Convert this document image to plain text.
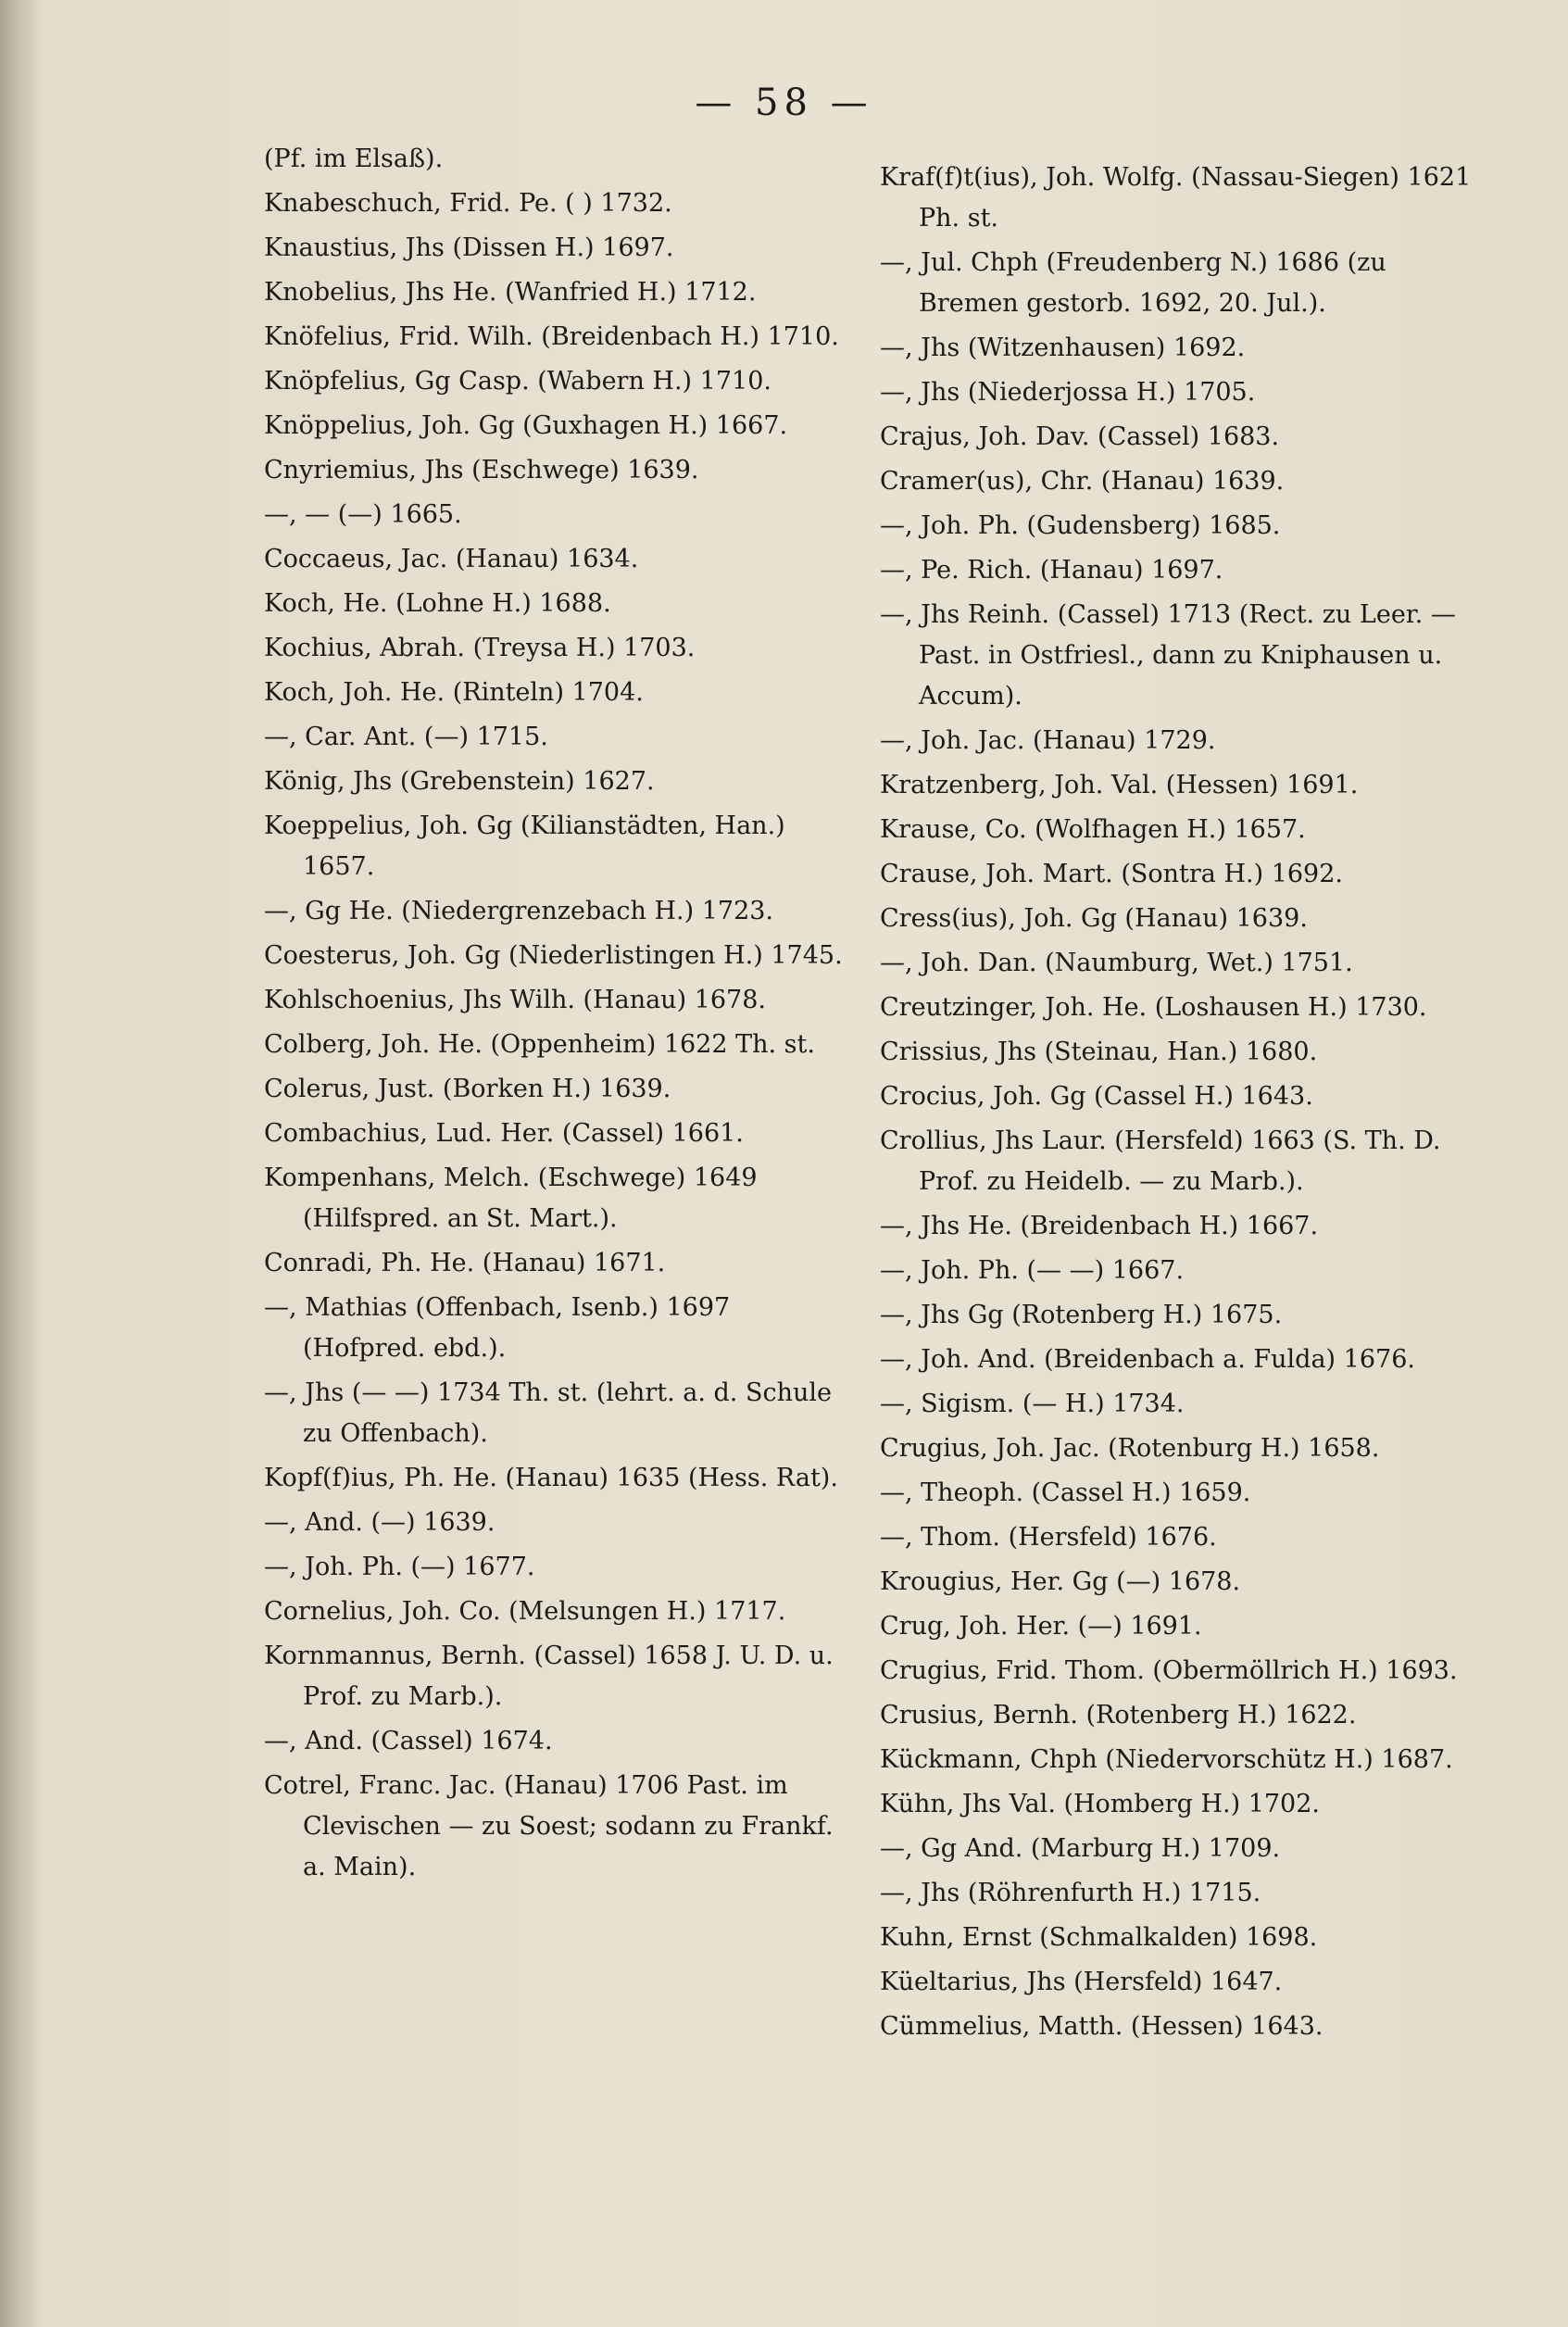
— 58 —
(Pf. im Elsaß).
Knabeschuch, Frid. Pe. ( ) 1732.
Knaustius, Jhs (Dissen H.) 1697.
Knobelius, Jhs He. (Wanfried H.) 1712.
Knöfelius, Frid. Wilh. (Breidenbach H.) 1710.
Knöpfelius, Gg Casp. (Wabern H.) 1710.
Knöppelius, Joh. Gg (Guxhagen H.) 1667.
Cnyriemius, Jhs (Eschwege) 1639.
—, — (—) 1665.
Coccaeus, Jac. (Hanau) 1634.
Koch, He. (Lohne H.) 1688.
Kochius, Abrah. (Treysa H.) 1703.
Koch, Joh. He. (Rinteln) 1704.
—, Car. Ant. (—) 1715.
König, Jhs (Grebenstein) 1627.
Koeppelius, Joh. Gg (Kilianstädten, Han.) 1657.
—, Gg He. (Niedergrenzebach H.) 1723.
Coesterus, Joh. Gg (Niederlistingen H.) 1745.
Kohlschoenius, Jhs Wilh. (Hanau) 1678.
Colberg, Joh. He. (Oppenheim) 1622 Th. st.
Colerus, Just. (Borken H.) 1639.
Combachius, Lud. Her. (Cassel) 1661.
Kompenhans, Melch. (Eschwege) 1649 (Hilfspred. an St. Mart.).
Conradi, Ph. He. (Hanau) 1671.
—, Mathias (Offenbach, Isenb.) 1697 (Hofpred. ebd.).
—, Jhs (— —) 1734 Th. st. (lehrt. a. d. Schule zu Offenbach).
Kopf(f)ius, Ph. He. (Hanau) 1635 (Hess. Rat).
—, And. (—) 1639.
—, Joh. Ph. (—) 1677.
Cornelius, Joh. Co. (Melsungen H.) 1717.
Kornmannus, Bernh. (Cassel) 1658 J. U. D. u. Prof. zu Marb.).
—, And. (Cassel) 1674.
Cotrel, Franc. Jac. (Hanau) 1706 Past. im Clevischen — zu Soest; sodann zu Frankf. a. Main).
Kraf(f)t(ius), Joh. Wolfg. (Nassau-Siegen) 1621 Ph. st.
—, Jul. Chph (Freudenberg N.) 1686 (zu Bremen gestorb. 1692, 20. Jul.).
—, Jhs (Witzenhausen) 1692.
—, Jhs (Niederjossa H.) 1705.
Crajus, Joh. Dav. (Cassel) 1683.
Cramer(us), Chr. (Hanau) 1639.
—, Joh. Ph. (Gudensberg) 1685.
—, Pe. Rich. (Hanau) 1697.
—, Jhs Reinh. (Cassel) 1713 (Rect. zu Leer. — Past. in Ostfriesl., dann zu Kniphausen u. Accum).
—, Joh. Jac. (Hanau) 1729.
Kratzenberg, Joh. Val. (Hessen) 1691.
Krause, Co. (Wolfhagen H.) 1657.
Crause, Joh. Mart. (Sontra H.) 1692.
Cress(ius), Joh. Gg (Hanau) 1639.
—, Joh. Dan. (Naumburg, Wet.) 1751.
Creutzinger, Joh. He. (Loshausen H.) 1730.
Crissius, Jhs (Steinau, Han.) 1680.
Crocius, Joh. Gg (Cassel H.) 1643.
Crollius, Jhs Laur. (Hersfeld) 1663 (S. Th. D. Prof. zu Heidelb. — zu Marb.).
—, Jhs He. (Breidenbach H.) 1667.
—, Joh. Ph. (— —) 1667.
—, Jhs Gg (Rotenberg H.) 1675.
—, Joh. And. (Breidenbach a. Fulda) 1676.
—, Sigism. (— H.) 1734.
Crugius, Joh. Jac. (Rotenburg H.) 1658.
—, Theoph. (Cassel H.) 1659.
—, Thom. (Hersfeld) 1676.
Krougius, Her. Gg (—) 1678.
Crug, Joh. Her. (—) 1691.
Crugius, Frid. Thom. (Obermöllrich H.) 1693.
Crusius, Bernh. (Rotenberg H.) 1622.
Kückmann, Chph (Niedervorschütz H.) 1687.
Kühn, Jhs Val. (Homberg H.) 1702.
—, Gg And. (Marburg H.) 1709.
—, Jhs (Röhrenfurth H.) 1715.
Kuhn, Ernst (Schmalkalden) 1698.
Küeltarius, Jhs (Hersfeld) 1647.
Cümmelius, Matth. (Hessen) 1643.
